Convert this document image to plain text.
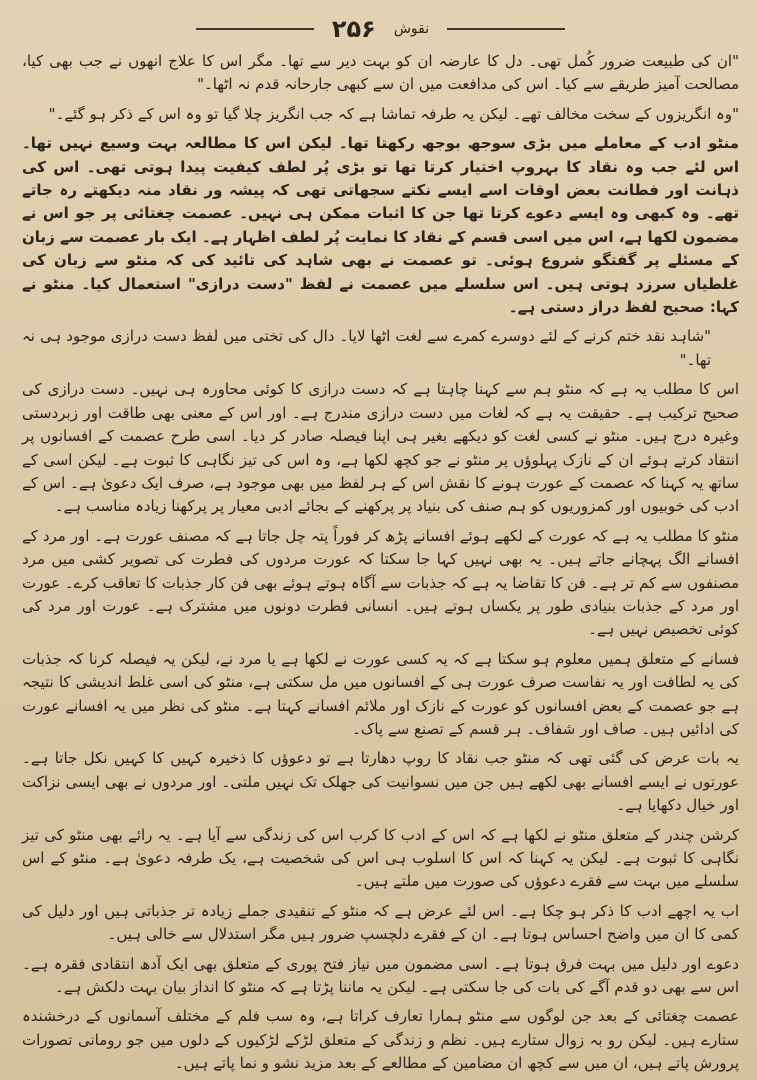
نقوش
۲۵۶

"ان کی طبیعت ضرور کُمل تھی۔ دل کا عارضہ ان کو بہت دیر سے تھا۔ مگر اس کا علاج انھوں نے جب بھی کیا، مصالحت آمیز طریقے سے کیا۔ اس کی مدافعت میں ان سے کبھی جارحانہ قدم نہ اٹھا۔"

"وہ انگریزوں کے سخت مخالف تھے۔ لیکن یہ طرفہ تماشا ہے کہ جب انگریز چلا گیا تو وہ اس کے ذکر ہو گئے۔"

منٹو ادب کے معاملے میں بڑی سوجھ بوجھ رکھتا تھا۔ لیکن اس کا مطالعہ بہت وسیع نہیں تھا۔ اس لئے جب وہ نقاد کا بہروپ اختیار کرتا تھا تو بڑی پُر لطف کیفیت پیدا ہوتی تھی۔ اس کی ذہانت اور فطانت بعض اوقات اسے ایسے نکتے سجھاتی تھی کہ پیشہ ور نقاد منہ دیکھتے رہ جاتے تھے۔ وہ کبھی وہ ایسے دعوے کرتا تھا جن کا اثبات ممکن ہی نہیں۔ عصمت چغتائی پر جو اس نے مضمون لکھا ہے، اس میں اسی قسم کے نقاد کا نمایت پُر لطف اظہار ہے۔ ایک بار عصمت سے زبان کے مسئلے پر گفتگو شروع ہوئی۔ تو عصمت نے بھی شاہد کی تائید کی کہ منٹو سے زبان کی غلطیاں سرزد ہوتی ہیں۔ اس سلسلے میں عصمت نے لفظ "دست درازی" استعمال کیا۔ منٹو نے کہا: صحیح لفظ دراز دستی ہے۔

"شاہد نقد ختم کرنے کے لئے دوسرے کمرے سے لغت اٹھا لایا۔ دال کی تختی میں لفظ دست درازی موجود ہی نہ تھا۔"

اس کا مطلب یہ ہے کہ منٹو ہم سے کہنا چاہتا ہے کہ دست درازی کا کوئی محاورہ ہی نہیں۔ دست درازی کی صحیح ترکیب ہے۔ حقیقت یہ ہے کہ لغات میں دست درازی مندرج ہے۔ اور اس کے معنی بھی طاقت اور زبردستی وغیرہ درج ہیں۔ منٹو نے کسی لغت کو دیکھے بغیر ہی اپنا فیصلہ صادر کر دیا۔ اسی طرح عصمت کے افسانوں پر انتقاد کرتے ہوئے ان کے نازک پہلوؤں پر منٹو نے جو کچھ لکھا ہے، وہ اس کی تیز نگاہی کا ثبوت ہے۔ لیکن اسی کے ساتھ یہ کہنا کہ عصمت کے عورت ہونے کا نقش اس کے ہر لفظ میں بھی موجود ہے، صرف ایک دعویٰ ہے۔ اس کے ادب کی خوبیوں اور کمزوریوں کو ہم صنف کی بنیاد پر پرکھنے کے بجائے ادبی معیار پر پرکھنا زیادہ مناسب ہے۔

منٹو کا مطلب یہ ہے کہ عورت کے لکھے ہوئے افسانے پڑھ کر فوراً پتہ چل جاتا ہے کہ مصنف عورت ہے۔ اور مرد کے افسانے الگ پہچانے جاتے ہیں۔ یہ بھی نہیں کہا جا سکتا کہ عورت مردوں کی فطرت کی تصویر کشی میں مرد مصنفوں سے کم تر ہے۔ فن کا تقاضا یہ ہے کہ جذبات سے آگاہ ہوتے ہوئے بھی فن کار جذبات کا تعاقب کرے۔ عورت اور مرد کے جذبات بنیادی طور پر یکساں ہوتے ہیں۔ انسانی فطرت دونوں میں مشترک ہے۔ عورت اور مرد کی کوئی تخصیص نہیں ہے۔

فسانے کے متعلق ہمیں معلوم ہو سکتا ہے کہ یہ کسی عورت نے لکھا ہے یا مرد نے، لیکن یہ فیصلہ کرنا کہ جذبات کی یہ لطافت اور یہ نفاست صرف عورت ہی کے افسانوں میں مل سکتی ہے، منٹو کی اسی غلط اندیشی کا نتیجہ ہے جو عصمت کے بعض افسانوں کو عورت کے نازک اور ملائم افسانے کہتا ہے۔ منٹو کی نظر میں یہ افسانے عورت کی ادائیں ہیں۔ صاف اور شفاف۔ ہر قسم کے تصنع سے پاک۔

یہ بات عرض کی گئی تھی کہ منٹو جب نقاد کا روپ دھارتا ہے تو دعوؤں کا ذخیرہ کہیں کا کہیں نکل جاتا ہے۔ عورتوں نے ایسے افسانے بھی لکھے ہیں جن میں نسوانیت کی جھلک تک نہیں ملتی۔ اور مردوں نے بھی ایسی نزاکت اور خیال دکھایا ہے۔

کرشن چندر کے متعلق منٹو نے لکھا ہے کہ اس کے ادب کا کرب اس کی زندگی سے آیا ہے۔ یہ رائے بھی منٹو کی تیز نگاہی کا ثبوت ہے۔ لیکن یہ کہنا کہ اس کا اسلوب ہی اس کی شخصیت ہے، یک طرفہ دعویٰ ہے۔ منٹو کے اس سلسلے میں بہت سے فقرے دعوؤں کی صورت میں ملتے ہیں۔

اب یہ اچھے ادب کا ذکر ہو چکا ہے۔ اس لئے عرض ہے کہ منٹو کے تنقیدی جملے زیادہ تر جذباتی ہیں اور دلیل کی کمی کا ان میں واضح احساس ہوتا ہے۔ ان کے فقرے دلچسپ ضرور ہیں مگر استدلال سے خالی ہیں۔

دعوے اور دلیل میں بہت فرق ہوتا ہے۔ اسی مضمون میں نیاز فتح پوری کے متعلق بھی ایک آدھ انتقادی فقرہ ہے۔ اس سے بھی دو قدم آگے کی بات کی جا سکتی ہے۔ لیکن یہ ماننا پڑتا ہے کہ منٹو کا انداز بیان بہت دلکش ہے۔

عصمت چغتائی کے بعد جن لوگوں سے منٹو ہمارا تعارف کراتا ہے، وہ سب فلم کے مختلف آسمانوں کے درخشندہ ستارے ہیں۔ لیکن رو بہ زوال ستارے ہیں۔ نظم و زندگی کے متعلق لڑکے لڑکیوں کے دلوں میں جو رومانی تصورات پرورش پاتے ہیں، ان میں سے کچھ ان مضامین کے مطالعے کے بعد مزید نشو و نما پاتے ہیں۔
